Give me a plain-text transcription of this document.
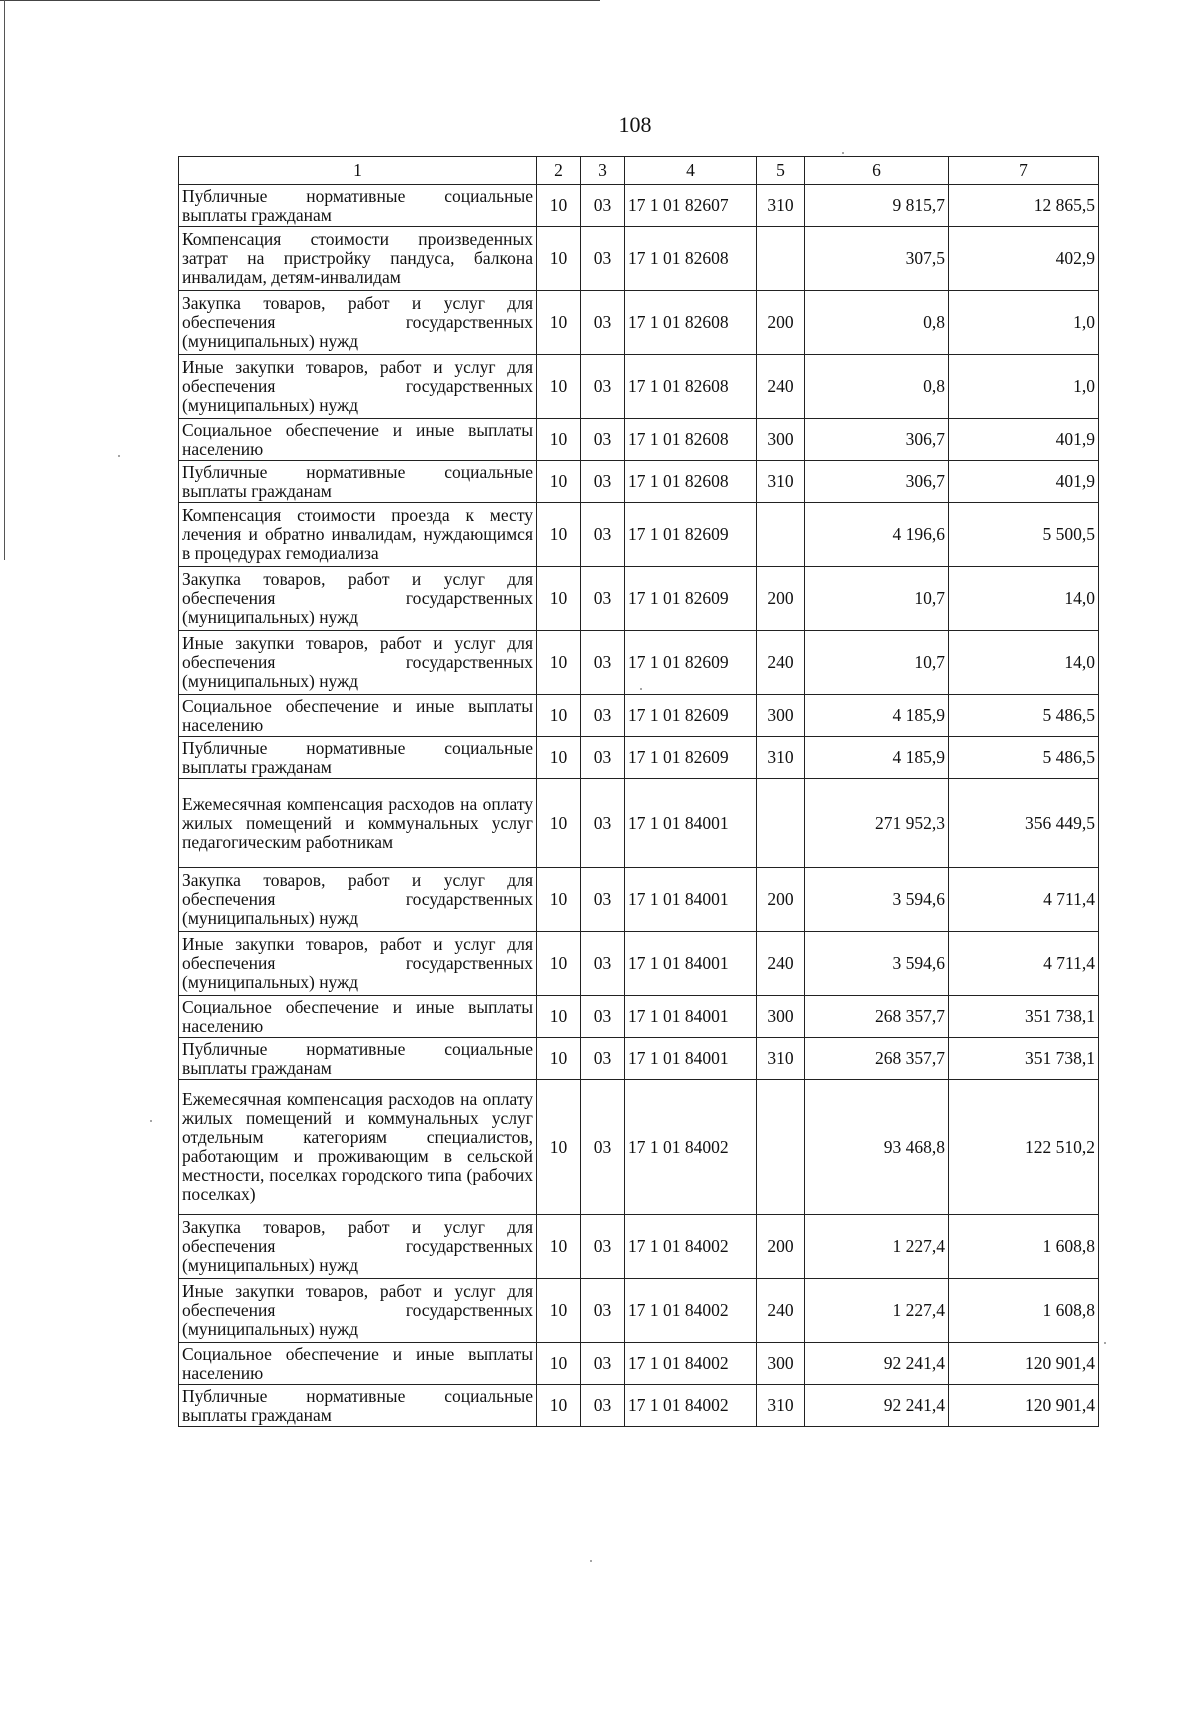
108
1	2	3	4	5	6	7
Публичные нормативные социальные выплаты гражданам	10	03	17 1 01 82607	310	9 815,7	12 865,5
Компенсация стоимости произведенных затрат на пристройку пандуса, балкона инвалидам, детям-инвалидам	10	03	17 1 01 82608		307,5	402,9
Закупка товаров, работ и услуг для обеспечения государственных (муниципальных) нужд	10	03	17 1 01 82608	200	0,8	1,0
Иные закупки товаров, работ и услуг для обеспечения государственных (муниципальных) нужд	10	03	17 1 01 82608	240	0,8	1,0
Социальное обеспечение и иные выплаты населению	10	03	17 1 01 82608	300	306,7	401,9
Публичные нормативные социальные выплаты гражданам	10	03	17 1 01 82608	310	306,7	401,9
Компенсация стоимости проезда к месту лечения и обратно инвалидам, нуждающимся в процедурах гемодиализа	10	03	17 1 01 82609		4 196,6	5 500,5
Закупка товаров, работ и услуг для обеспечения государственных (муниципальных) нужд	10	03	17 1 01 82609	200	10,7	14,0
Иные закупки товаров, работ и услуг для обеспечения государственных (муниципальных) нужд	10	03	17 1 01 82609	240	10,7	14,0
Социальное обеспечение и иные выплаты населению	10	03	17 1 01 82609	300	4 185,9	5 486,5
Публичные нормативные социальные выплаты гражданам	10	03	17 1 01 82609	310	4 185,9	5 486,5
Ежемесячная компенсация расходов на оплату жилых помещений и коммунальных услуг педагогическим работникам	10	03	17 1 01 84001		271 952,3	356 449,5
Закупка товаров, работ и услуг для обеспечения государственных (муниципальных) нужд	10	03	17 1 01 84001	200	3 594,6	4 711,4
Иные закупки товаров, работ и услуг для обеспечения государственных (муниципальных) нужд	10	03	17 1 01 84001	240	3 594,6	4 711,4
Социальное обеспечение и иные выплаты населению	10	03	17 1 01 84001	300	268 357,7	351 738,1
Публичные нормативные социальные выплаты гражданам	10	03	17 1 01 84001	310	268 357,7	351 738,1
Ежемесячная компенсация расходов на оплату жилых помещений и коммунальных услуг отдельным категориям специалистов, работающим и проживающим в сельской местности, поселках городского типа (рабочих поселках)	10	03	17 1 01 84002		93 468,8	122 510,2
Закупка товаров, работ и услуг для обеспечения государственных (муниципальных) нужд	10	03	17 1 01 84002	200	1 227,4	1 608,8
Иные закупки товаров, работ и услуг для обеспечения государственных (муниципальных) нужд	10	03	17 1 01 84002	240	1 227,4	1 608,8
Социальное обеспечение и иные выплаты населению	10	03	17 1 01 84002	300	92 241,4	120 901,4
Публичные нормативные социальные выплаты гражданам	10	03	17 1 01 84002	310	92 241,4	120 901,4
